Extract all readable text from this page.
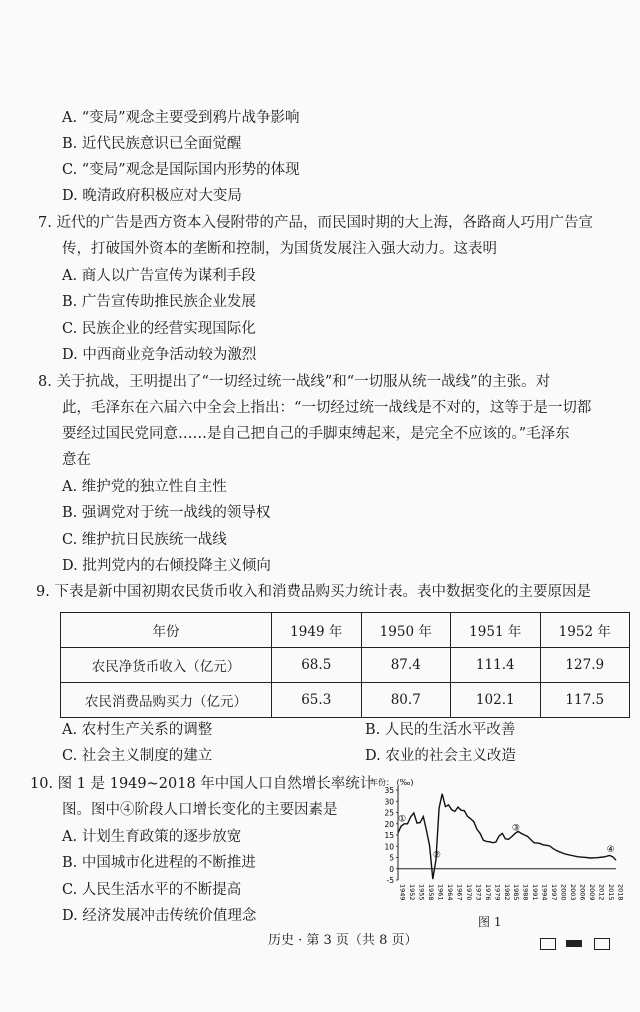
A. “变局”观念主要受到鸦片战争影响
B. 近代民族意识已全面觉醒
C. “变局”观念是国际国内形势的体现
D. 晚清政府积极应对大变局
7. 近代的广告是西方资本入侵附带的产品，而民国时期的大上海，各路商人巧用广告宣
传，打破国外资本的垄断和控制，为国货发展注入强大动力。这表明
A. 商人以广告宣传为谋利手段
B. 广告宣传助推民族企业发展
C. 民族企业的经营实现国际化
D. 中西商业竞争活动较为激烈
8. 关于抗战，王明提出了“一切经过统一战线”和“一切服从统一战线”的主张。对
此，毛泽东在六届六中全会上指出：“一切经过统一战线是不对的，这等于是一切都
要经过国民党同意……是自己把自己的手脚束缚起来，是完全不应该的。”毛泽东
意在
A. 维护党的独立性自主性
B. 强调党对于统一战线的领导权
C. 维护抗日民族统一战线
D. 批判党内的右倾投降主义倾向
9. 下表是新中国初期农民货币收入和消费品购买力统计表。表中数据变化的主要原因是
年份	1949 年	1950 年	1951 年	1952 年
农民净货币收入（亿元）	68.5	87.4	111.4	127.9
农民消费品购买力（亿元）	65.3	80.7	102.1	117.5
A. 农村生产关系的调整	B. 人民的生活水平改善
C. 社会主义制度的建立	D. 农业的社会主义改造
10. 图 1 是 1949~2018 年中国人口自然增长率统计
图。图中④阶段人口增长变化的主要因素是
A. 计划生育政策的逐步放宽
B. 中国城市化进程的不断推进
C. 人民生活水平的不断提高
D. 经济发展冲击传统价值理念
年份： (‰)
-5
0
5
10
15
20
25
30
35
1949 1952 1955 1958 1961 1964 1967 1970 1973 1976 1979 1982 1985 1988 1991 1994 1997 2000 2003 2006 2009 2012 2015 2018
①
②
③
④
图 1
历史 · 第 3 页（共 8 页）
